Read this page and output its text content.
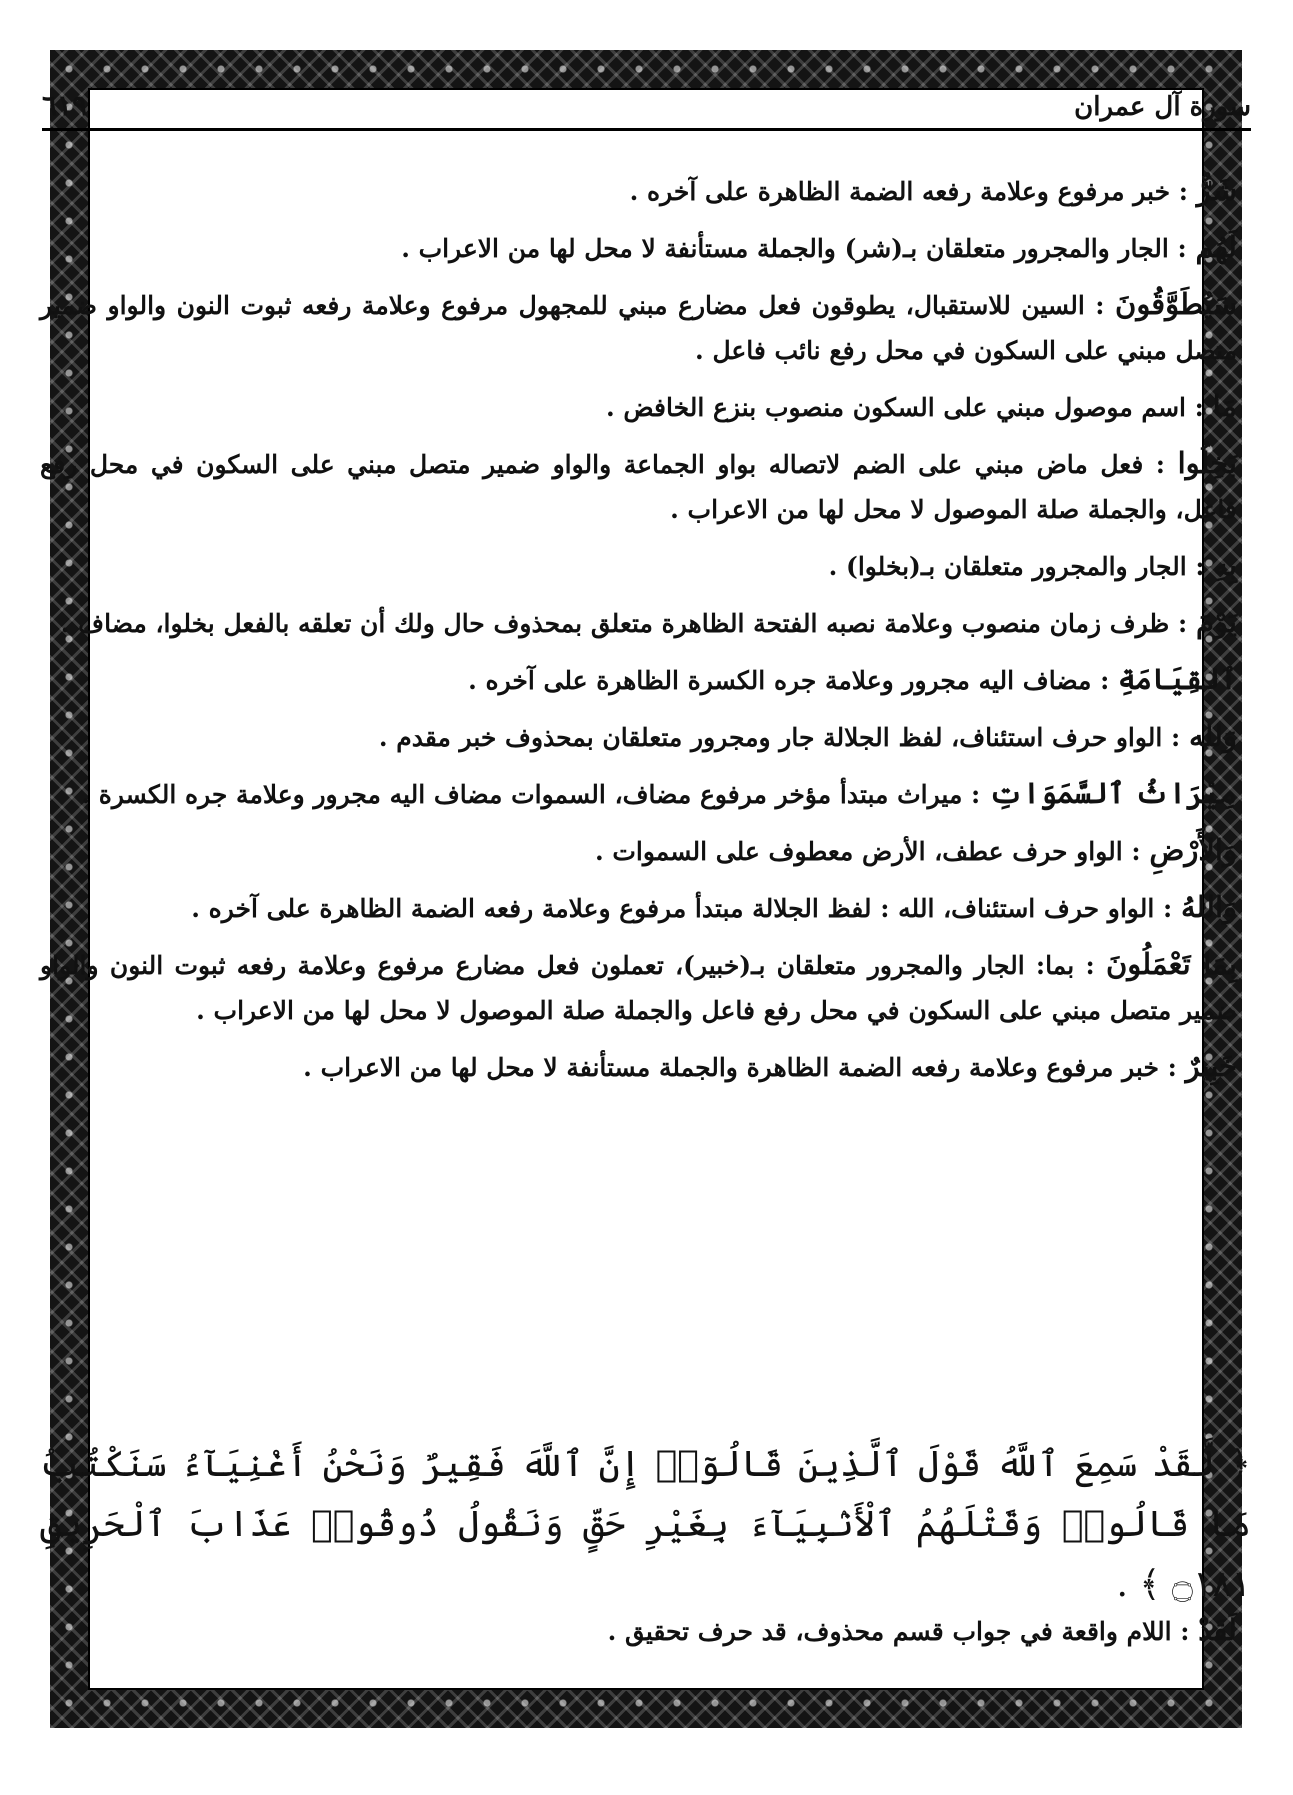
سورة آل عمران
٦١٩

شَرٌّ : خبر مرفوع وعلامة رفعه الضمة الظاهرة على آخره .

لَهُم : الجار والمجرور متعلقان بـ(شر) والجملة مستأنفة لا محل لها من الاعراب .

سَيُطَوَّقُونَ : السين للاستقبال، يطوقون فعل مضارع مبني للمجهول مرفوع وعلامة رفعه ثبوت النون والواو ضمير متصل مبني على السكون في محل رفع نائب فاعل .

مَا : اسم موصول مبني على السكون منصوب بنزع الخافض .

بَخِلُوا : فعل ماض مبني على الضم لاتصاله بواو الجماعة والواو ضمير متصل مبني على السكون في محل رفع فاعل، والجملة صلة الموصول لا محل لها من الاعراب .

بِهِ : الجار والمجرور متعلقان بـ(بخلوا) .

يَوْمَ : ظرف زمان منصوب وعلامة نصبه الفتحة الظاهرة متعلق بمحذوف حال ولك أن تعلقه بالفعل بخلوا، مضاف .

ٱلقِيَامَةِ : مضاف اليه مجرور وعلامة جره الكسرة الظاهرة على آخره .

وَلله : الواو حرف استئناف، لفظ الجلالة جار ومجرور متعلقان بمحذوف خبر مقدم .

مِيْرَاثُ ٱلسَّمَوَاتِ : ميراث مبتدأ مؤخر مرفوع مضاف، السموات مضاف اليه مجرور وعلامة جره الكسرة .

وَالأَرْضِ : الواو حرف عطف، الأرض معطوف على السموات .

وَاللهُ : الواو حرف استئناف، الله : لفظ الجلالة مبتدأ مرفوع وعلامة رفعه الضمة الظاهرة على آخره .

بِمَا تَعْمَلُونَ : بما: الجار والمجرور متعلقان بـ(خبير)، تعملون فعل مضارع مرفوع وعلامة رفعه ثبوت النون والواو ضمير متصل مبني على السكون في محل رفع فاعل والجملة صلة الموصول لا محل لها من الاعراب .

خَبِيرٌ : خبر مرفوع وعلامة رفعه الضمة الظاهرة والجملة مستأنفة لا محل لها من الاعراب .

﴿ لَّقَدْ سَمِعَ ٱللَّهُ قَوْلَ ٱلَّذِينَ قَالُوٓا۟ إِنَّ ٱللَّهَ فَقِيرٌ وَنَحْنُ أَغْنِيَآءُ سَنَكْتُبُ مَا قَالُوا۟ وَقَتْلَهُمُ ٱلْأَنۢبِيَآءَ بِغَيْرِ حَقٍّ وَنَقُولُ ذُوقُوا۟ عَذَابَ ٱلْحَرِيقِ ۝١٨١ ﴾ .
لَقَدْ : اللام واقعة في جواب قسم محذوف، قد حرف تحقيق .
